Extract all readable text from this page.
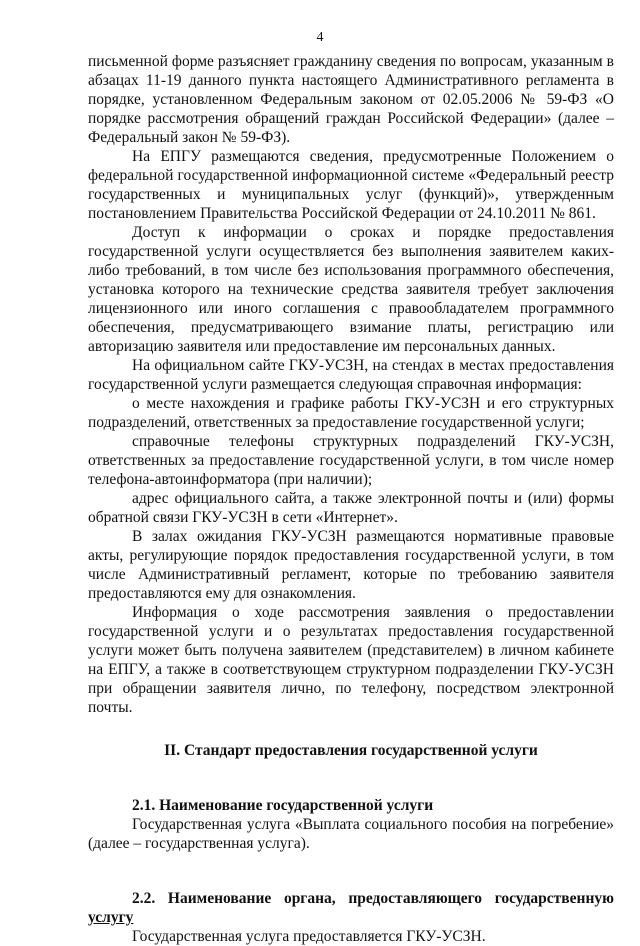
4

письменной форме разъясняет гражданину сведения по вопросам, указанным в абзацах 11-19 данного пункта настоящего Административного регламента в порядке, установленном Федеральным законом от 02.05.2006 № 59-ФЗ «О порядке рассмотрения обращений граждан Российской Федерации» (далее – Федеральный закон № 59-ФЗ).

На ЕПГУ размещаются сведения, предусмотренные Положением о федеральной государственной информационной системе «Федеральный реестр государственных и муниципальных услуг (функций)», утвержденным постановлением Правительства Российской Федерации от 24.10.2011 № 861.

Доступ к информации о сроках и порядке предоставления государственной услуги осуществляется без выполнения заявителем каких-либо требований, в том числе без использования программного обеспечения, установка которого на технические средства заявителя требует заключения лицензионного или иного соглашения с правообладателем программного обеспечения, предусматривающего взимание платы, регистрацию или авторизацию заявителя или предоставление им персональных данных.

На официальном сайте ГКУ-УСЗН, на стендах в местах предоставления государственной услуги размещается следующая справочная информация:

о месте нахождения и графике работы ГКУ-УСЗН и его структурных подразделений, ответственных за предоставление государственной услуги;

справочные телефоны структурных подразделений ГКУ-УСЗН, ответственных за предоставление государственной услуги, в том числе номер телефона-автоинформатора (при наличии);

адрес официального сайта, а также электронной почты и (или) формы обратной связи ГКУ-УСЗН в сети «Интернет».

В залах ожидания ГКУ-УСЗН размещаются нормативные правовые акты, регулирующие порядок предоставления государственной услуги, в том числе Административный регламент, которые по требованию заявителя предоставляются ему для ознакомления.

Информация о ходе рассмотрения заявления о предоставлении государственной услуги и о результатах предоставления государственной услуги может быть получена заявителем (представителем) в личном кабинете на ЕПГУ, а также в соответствующем структурном подразделении ГКУ-УСЗН при обращении заявителя лично, по телефону, посредством электронной почты.

II. Стандарт предоставления государственной услуги
2.1. Наименование государственной услуги

Государственная услуга «Выплата социального пособия на погребение» (далее – государственная услуга).

2.2. Наименование органа, предоставляющего государственную услугу

Государственная услуга предоставляется ГКУ-УСЗН.
